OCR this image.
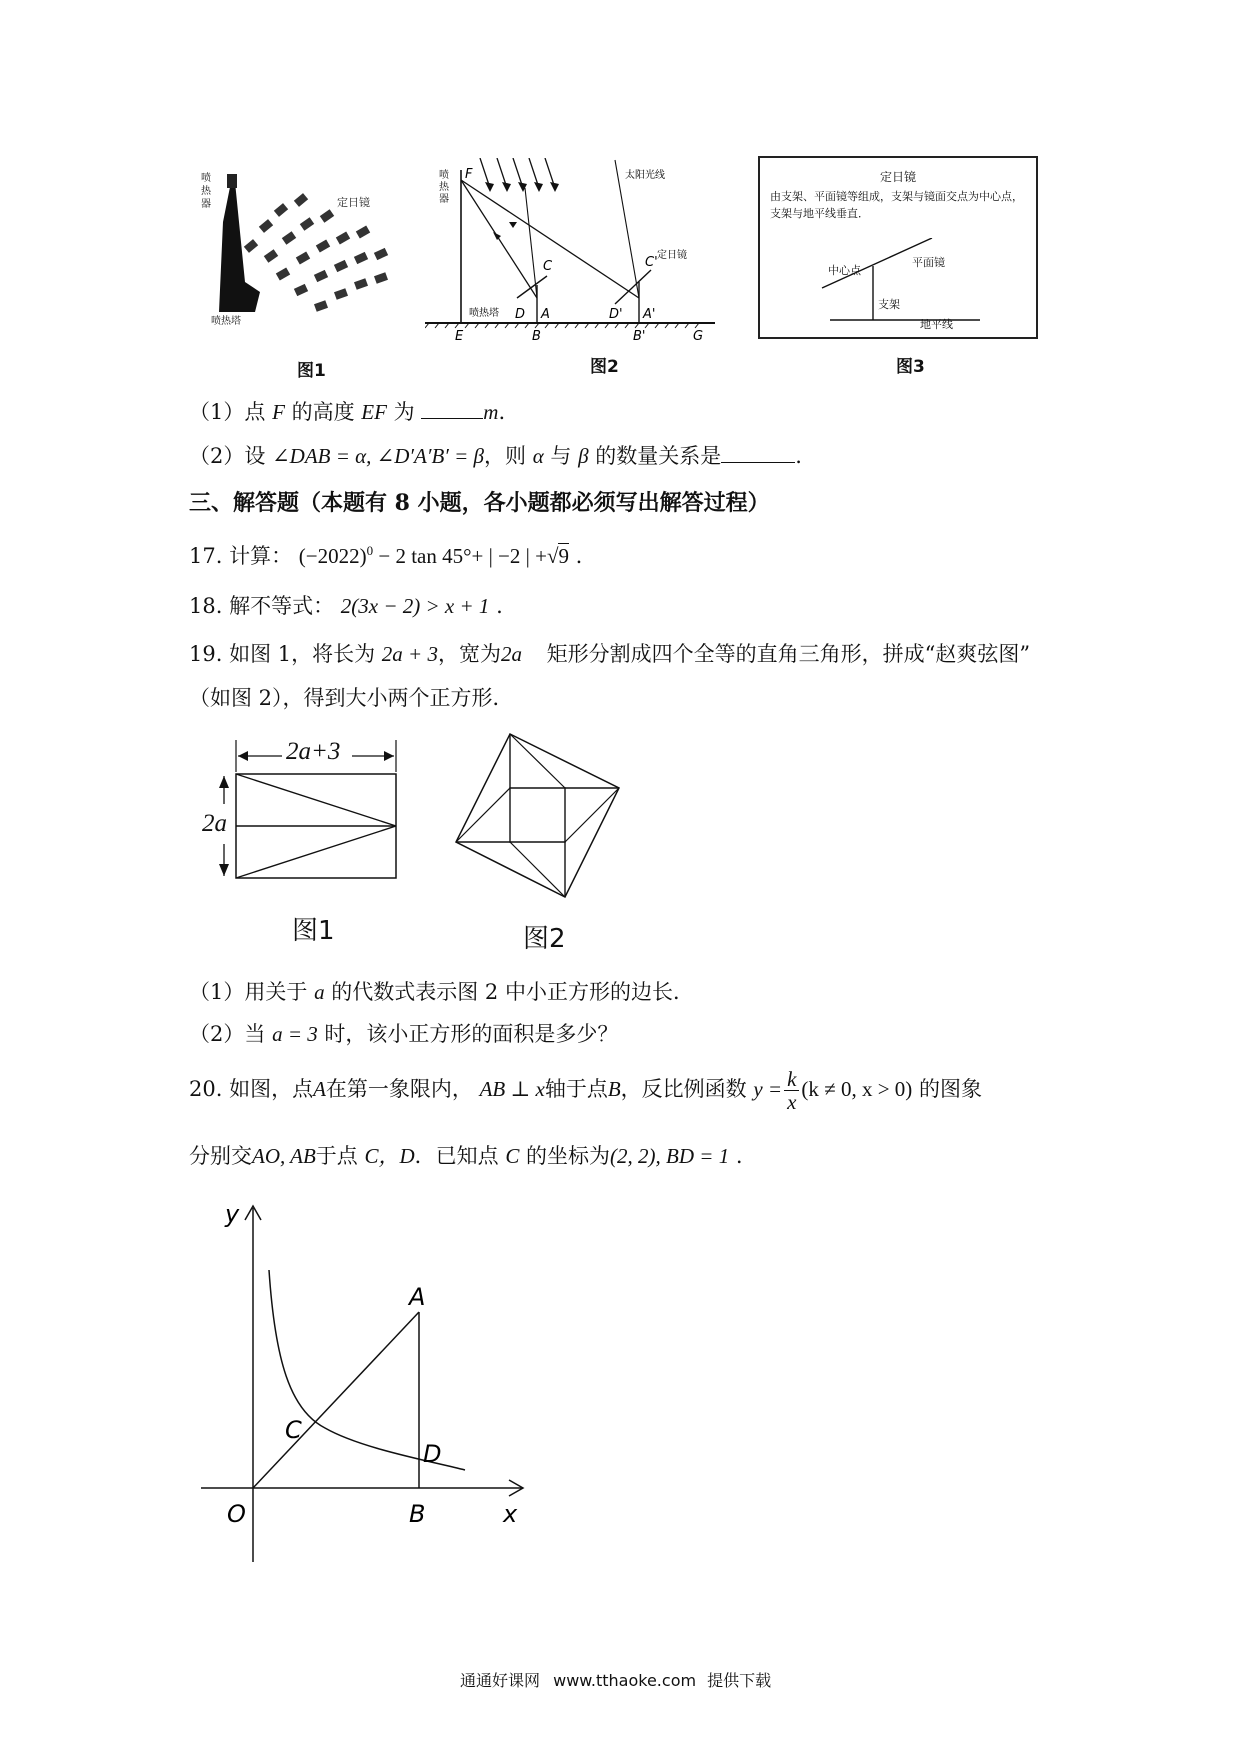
定日镜
喷热器
喷热塔
图1
F
C	C'
D A	D' A'
E	B	B'	G
太阳光线
定日镜
喷热塔
喷热器
图2
定日镜
由支架、平面镜等组成，支架与镜面交点为中心点，支架与地平线垂直．
中心点
平面镜
支架
地平线
图3
（1）点 F 的高度 EF 为	m.
（2）设 ∠DAB = α, ∠D′A′B′ = β，则 α 与 β 的数量关系是	.
三、解答题（本题有 8 小题，各小题都必须写出解答过程）
17. 计算： $(-2022)^0 - 2$ tan 45°+ | −2 | +√9 .
18. 解不等式： 2(3x − 2) > x + 1 .
19. 如图 1，将长为 2a + 3，宽为2a 矩形分割成四个全等的直角三角形，拼成“赵爽弦图”
（如图 2），得到大小两个正方形．
2a+3
2a
图1	图2
（1）用关于 a 的代数式表示图 2 中小正方形的边长．
（2）当 a = 3 时，该小正方形的面积是多少？
20. 如图，点A在第一象限内， AB ⊥ x轴于点B，反比例函数 $y = \frac{k}{x} (k \ne 0$, x > 0) 的图象
分别交AO, AB于点 C，D．已知点 C 的坐标为(2, 2), BD = 1 .
y
x
O
A
B
C
D
通通好课网 www.tthaoke.com 提供下载
